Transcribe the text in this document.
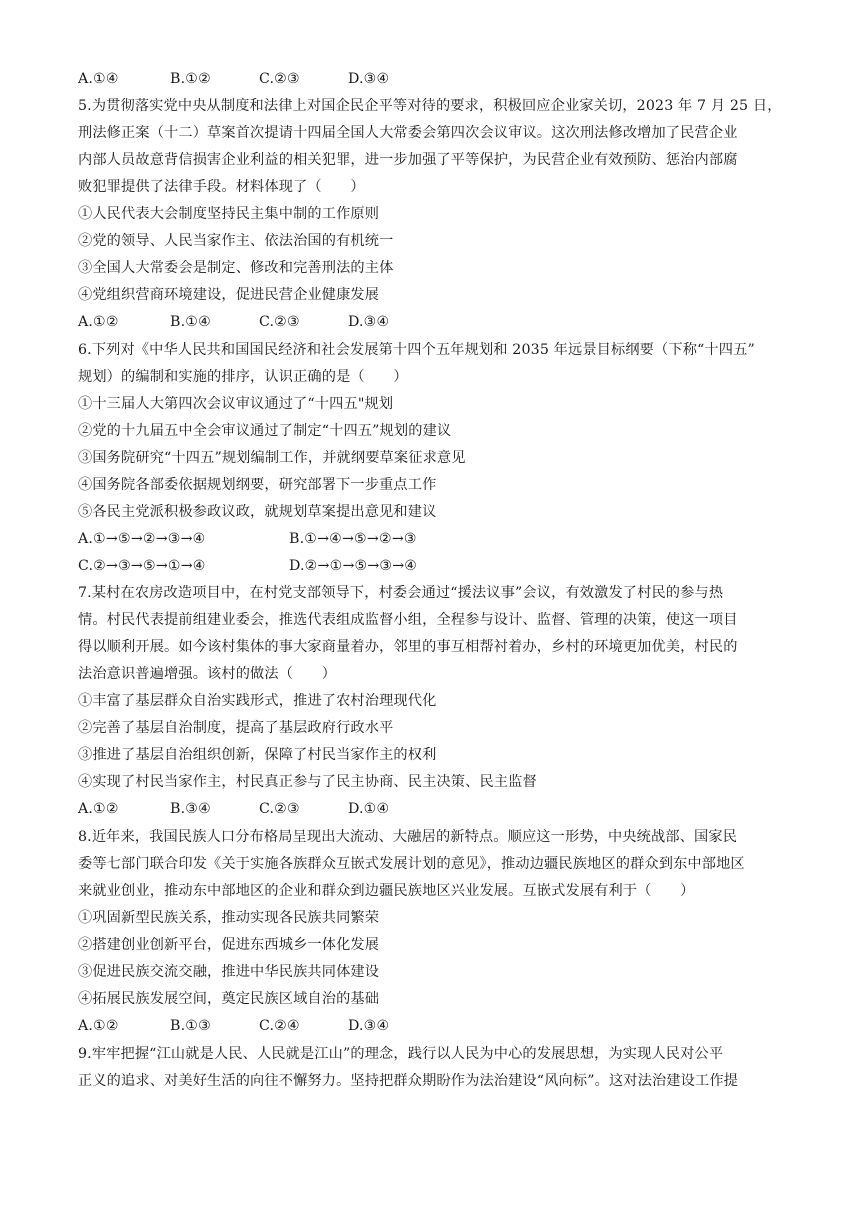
A.①④	B.①②	C.②③	D.③④
5.为贯彻落实党中央从制度和法律上对国企民企平等对待的要求，积极回应企业家关切，2023 年 7 月 25 日，
刑法修正案（十二）草案首次提请十四届全国人大常委会第四次会议审议。这次刑法修改增加了民营企业
内部人员故意背信损害企业利益的相关犯罪，进一步加强了平等保护，为民营企业有效预防、惩治内部腐
败犯罪提供了法律手段。材料体现了（　　）
①人民代表大会制度坚持民主集中制的工作原则
②党的领导、人民当家作主、依法治国的有机统一
③全国人大常委会是制定、修改和完善刑法的主体
④党组织营商环境建设，促进民营企业健康发展
A.①②	B.①④	C.②③	D.③④
6.下列对《中华人民共和国国民经济和社会发展第十四个五年规划和 2035 年远景目标纲要（下称“十四五”
规划）的编制和实施的排序，认识正确的是（　　）
①十三届人大第四次会议审议通过了“十四五"规划
②党的十九届五中全会审议通过了制定“十四五”规划的建议
③国务院研究“十四五”规划编制工作，并就纲要草案征求意见
④国务院各部委依据规划纲要，研究部署下一步重点工作
⑤各民主党派积极参政议政，就规划草案提出意见和建议
A.①→⑤→②→③→④	B.①→④→⑤→②→③
C.②→③→⑤→①→④	D.②→①→⑤→③→④
7.某村在农房改造项目中，在村党支部领导下，村委会通过“援法议事”会议，有效激发了村民的参与热
情。村民代表提前组建业委会，推选代表组成监督小组，全程参与设计、监督、管理的决策，使这一项目
得以顺利开展。如今该村集体的事大家商量着办，邻里的事互相帮衬着办，乡村的环境更加优美，村民的
法治意识普遍增强。该村的做法（　　）
①丰富了基层群众自治实践形式，推进了农村治理现代化
②完善了基层自治制度，提高了基层政府行政水平
③推进了基层自治组织创新，保障了村民当家作主的权利
④实现了村民当家作主，村民真正参与了民主协商、民主决策、民主监督
A.①②	B.③④	C.②③	D.①④
8.近年来，我国民族人口分布格局呈现出大流动、大融居的新特点。顺应这一形势，中央统战部、国家民
委等七部门联合印发《关于实施各族群众互嵌式发展计划的意见》，推动边疆民族地区的群众到东中部地区
来就业创业，推动东中部地区的企业和群众到边疆民族地区兴业发展。互嵌式发展有利于（　　）
①巩固新型民族关系，推动实现各民族共同繁荣
②搭建创业创新平台，促进东西城乡一体化发展
③促进民族交流交融，推进中华民族共同体建设
④拓展民族发展空间，奠定民族区域自治的基础
A.①②	B.①③	C.②④	D.③④
9.牢牢把握“江山就是人民、人民就是江山”的理念，践行以人民为中心的发展思想，为实现人民对公平
正义的追求、对美好生活的向往不懈努力。坚持把群众期盼作为法治建设“风向标”。这对法治建设工作提
